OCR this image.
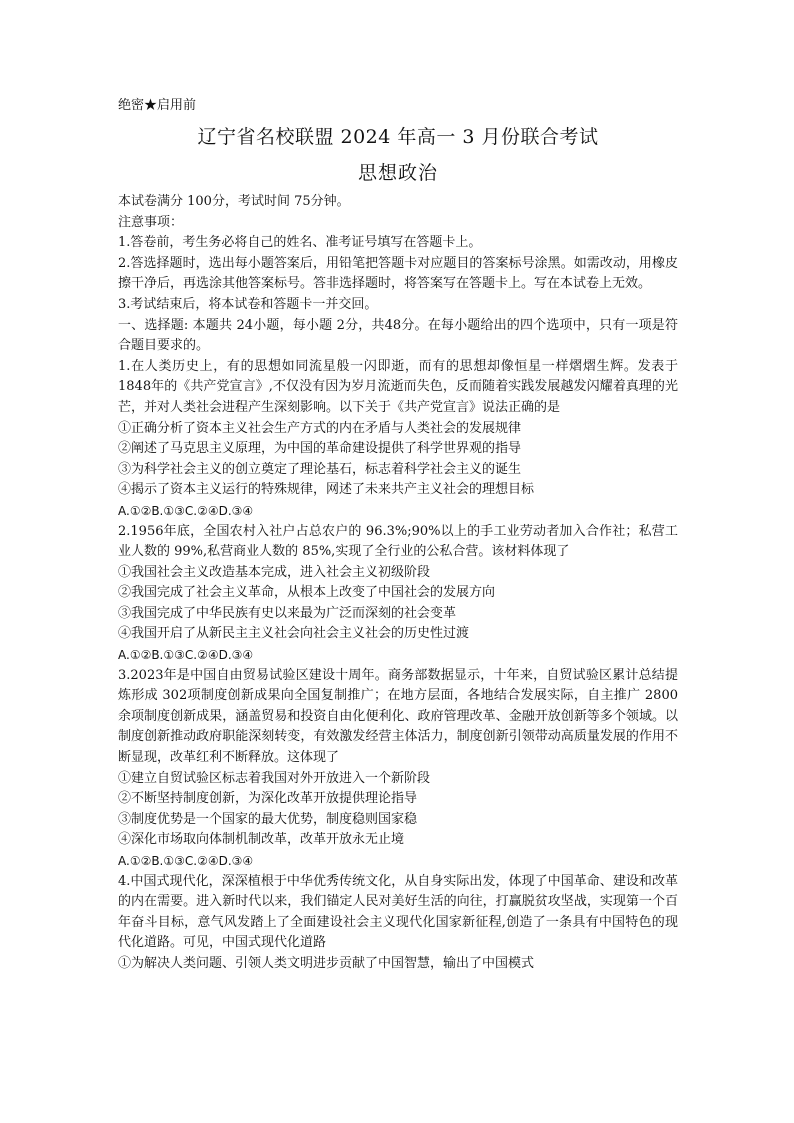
绝密★启用前
辽宁省名校联盟 2024 年高一 3 月份联合考试
思想政治
本试卷满分 100分，考试时间 75分钟。
注意事项：
1.答卷前，考生务必将自己的姓名、准考证号填写在答题卡上。
2.答选择题时，选出每小题答案后，用铅笔把答题卡对应题目的答案标号涂黑。如需改动，用橡皮擦干净后，再选涂其他答案标号。答非选择题时，将答案写在答题卡上。写在本试卷上无效。
3.考试结束后，将本试卷和答题卡一并交回。
一、选择题: 本题共 24小题，每小题 2分，共48分。在每小题给出的四个选项中，只有一项是符合题目要求的。
1.在人类历史上，有的思想如同流星般一闪即逝，而有的思想却像恒星一样熠熠生辉。发表于 1848年的《共产党宣言》,不仅没有因为岁月流逝而失色，反而随着实践发展越发闪耀着真理的光芒，并对人类社会进程产生深刻影响。以下关于《共产党宣言》说法正确的是
①正确分析了资本主义社会生产方式的内在矛盾与人类社会的发展规律
②阐述了马克思主义原理，为中国的革命建设提供了科学世界观的指导
③为科学社会主义的创立奠定了理论基石，标志着科学社会主义的诞生
④揭示了资本主义运行的特殊规律，网述了未来共产主义社会的理想目标
A.①②B.①③C.②④D.③④
2.1956年底，全国农村入社户占总农户的 96.3%;90%以上的手工业劳动者加入合作社；私营工业人数的 99%,私营商业人数的 85%,实现了全行业的公私合营。该材料体现了
①我国社会主义改造基本完成，进入社会主义初级阶段
②我国完成了社会主义革命，从根本上改变了中国社会的发展方向
③我国完成了中华民族有史以来最为广泛而深刻的社会变革
④我国开启了从新民主主义社会向社会主义社会的历史性过渡
A.①②B.①③C.②④D.③④
3.2023年是中国自由贸易试验区建设十周年。商务部数据显示，十年来，自贸试验区累计总结提炼形成 302项制度创新成果向全国复制推广；在地方层面，各地结合发展实际，自主推广 2800余项制度创新成果，涵盖贸易和投资自由化便利化、政府管理改革、金融开放创新等多个领域。以制度创新推动政府职能深刻转变，有效激发经营主体活力，制度创新引领带动高质量发展的作用不断显现，改革红利不断释放。这体现了
①建立自贸试验区标志着我国对外开放进入一个新阶段
②不断坚持制度创新，为深化改革开放提供理论指导
③制度优势是一个国家的最大优势，制度稳则国家稳
④深化市场取向体制机制改革，改革开放永无止境
A.①②B.①③C.②④D.③④
4.中国式现代化，深深植根于中华优秀传统文化，从自身实际出发，体现了中国革命、建设和改革的内在需要。进入新时代以来，我们锚定人民对美好生活的向往，打赢脱贫攻坚战，实现第一个百年奋斗目标，意气风发踏上了全面建设社会主义现代化国家新征程,创造了一条具有中国特色的现代化道路。可见，中国式现代化道路
①为解决人类问题、引领人类文明进步贡献了中国智慧，输出了中国模式
